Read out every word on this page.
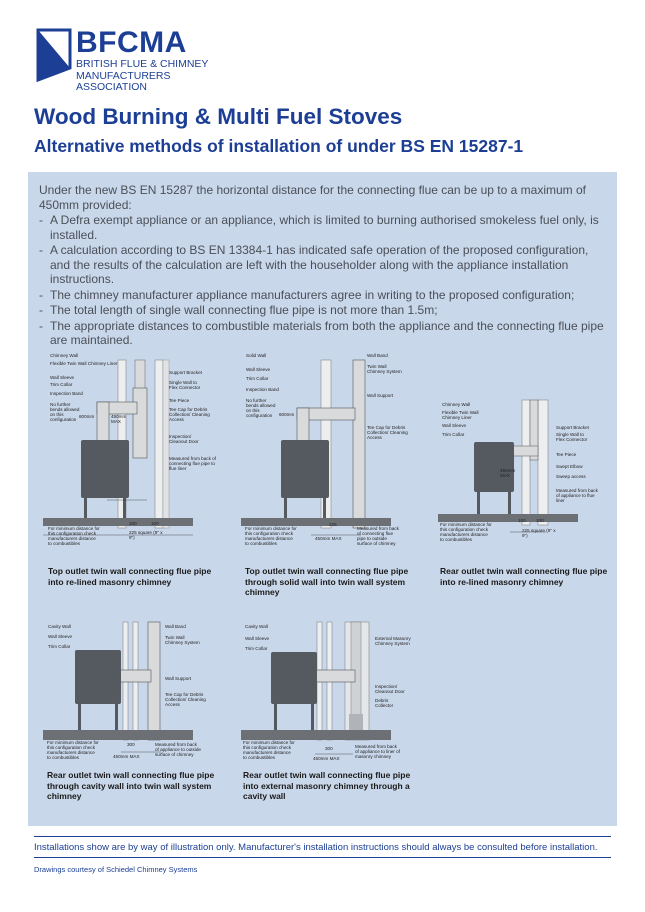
BFCMA
BRITISH FLUE & CHIMNEY MANUFACTURERS ASSOCIATION
Wood Burning & Multi Fuel Stoves
Alternative methods of installation of under BS EN 15287-1

Under the new BS EN 15287 the horizontal distance for the connecting flue can be up to a maximum of 450mm provided:

- A Defra exempt appliance or an appliance, which is limited to burning authorised smokeless fuel only, is installed.
- A calculation according to BS EN 13384-1 has indicated safe operation of the proposed configuration, and the results of the calculation are left with the householder along with the appliance installation instructions.
- The chimney manufacturer appliance manufacturers agree in writing to the proposed configuration;
- The total length of single wall connecting flue pipe is not more than 1.5m;
- The appropriate distances to combustible materials from both the appliance and the connecting flue pipe are maintained.
Chimney Wall
Flexible Twin Wall Chimney Liner
Wall Sleeve
Trim Collar
Inspection Band
No further bends allowed on this configuration
Support Bracket
Single Wall to Flex Connector
Tee Piece
Tee Cap for Debris Collection/ Cleaning Access
Inspection/ Cleanout Door
Measured from back of connecting flue pipe to flue liner
600mm	450mm MAX
100	100
225 square (9" x 9")
For minimum distance for this configuration check manufacturers distance to combustibles
Top outlet twin wall connecting flue pipe into re-lined masonry chimney
Solid Wall
Wall Sleeve
Trim Collar
Inspection Band
No further bends allowed on this configuration
Wall Band
Twin Wall Chimney System
Wall Support
Tee Cap for Debris Collection/ Cleaning Access
600mm
225
450mm MAX
For minimum distance for this configuration check manufacturers distance to combustibles
Measured from back of connecting flue pipe to outside surface of chimney
Top outlet twin wall connecting flue pipe through solid wall into twin wall system chimney
Chimney Wall
Flexible Twin Wall Chimney Liner
Wall Sleeve
Trim Collar
Support Bracket
Single Wall to Flex Connector
Tee Piece
Swept Elbow
Sweep access
Measured from back of appliance to flue liner
450mm MAX
100 100
225 square (9" x 9")
For minimum distance for this configuration check manufacturers distance to combustibles
Rear outlet twin wall connecting flue pipe into re-lined masonry chimney
Cavity Wall
Wall Sleeve
Trim Collar
Wall Band
Twin Wall Chimney System
Wall Support
Tee Cap for Debris Collection/ Cleaning Access
300
450mm MAX
For minimum distance for this configuration check manufacturers distance to combustibles
Measured from back of appliance to outside surface of chimney
Rear outlet twin wall connecting flue pipe through cavity wall into twin wall system chimney
Cavity Wall
Wall Sleeve
Trim Collar
External Masonry Chimney System
Inspection/ Cleanout Door
Debris Collector
300
450mm MAX
For minimum distance for this configuration check manufacturers distance to combustibles
Measured from back of appliance to liner of masonry chimney
Rear outlet twin wall connecting flue pipe into external masonry chimney through a cavity wall
Installations show are by way of illustration only. Manufacturer's installation instructions should always be consulted before installation.
Drawings courtesy of Schiedel Chimney Systems
